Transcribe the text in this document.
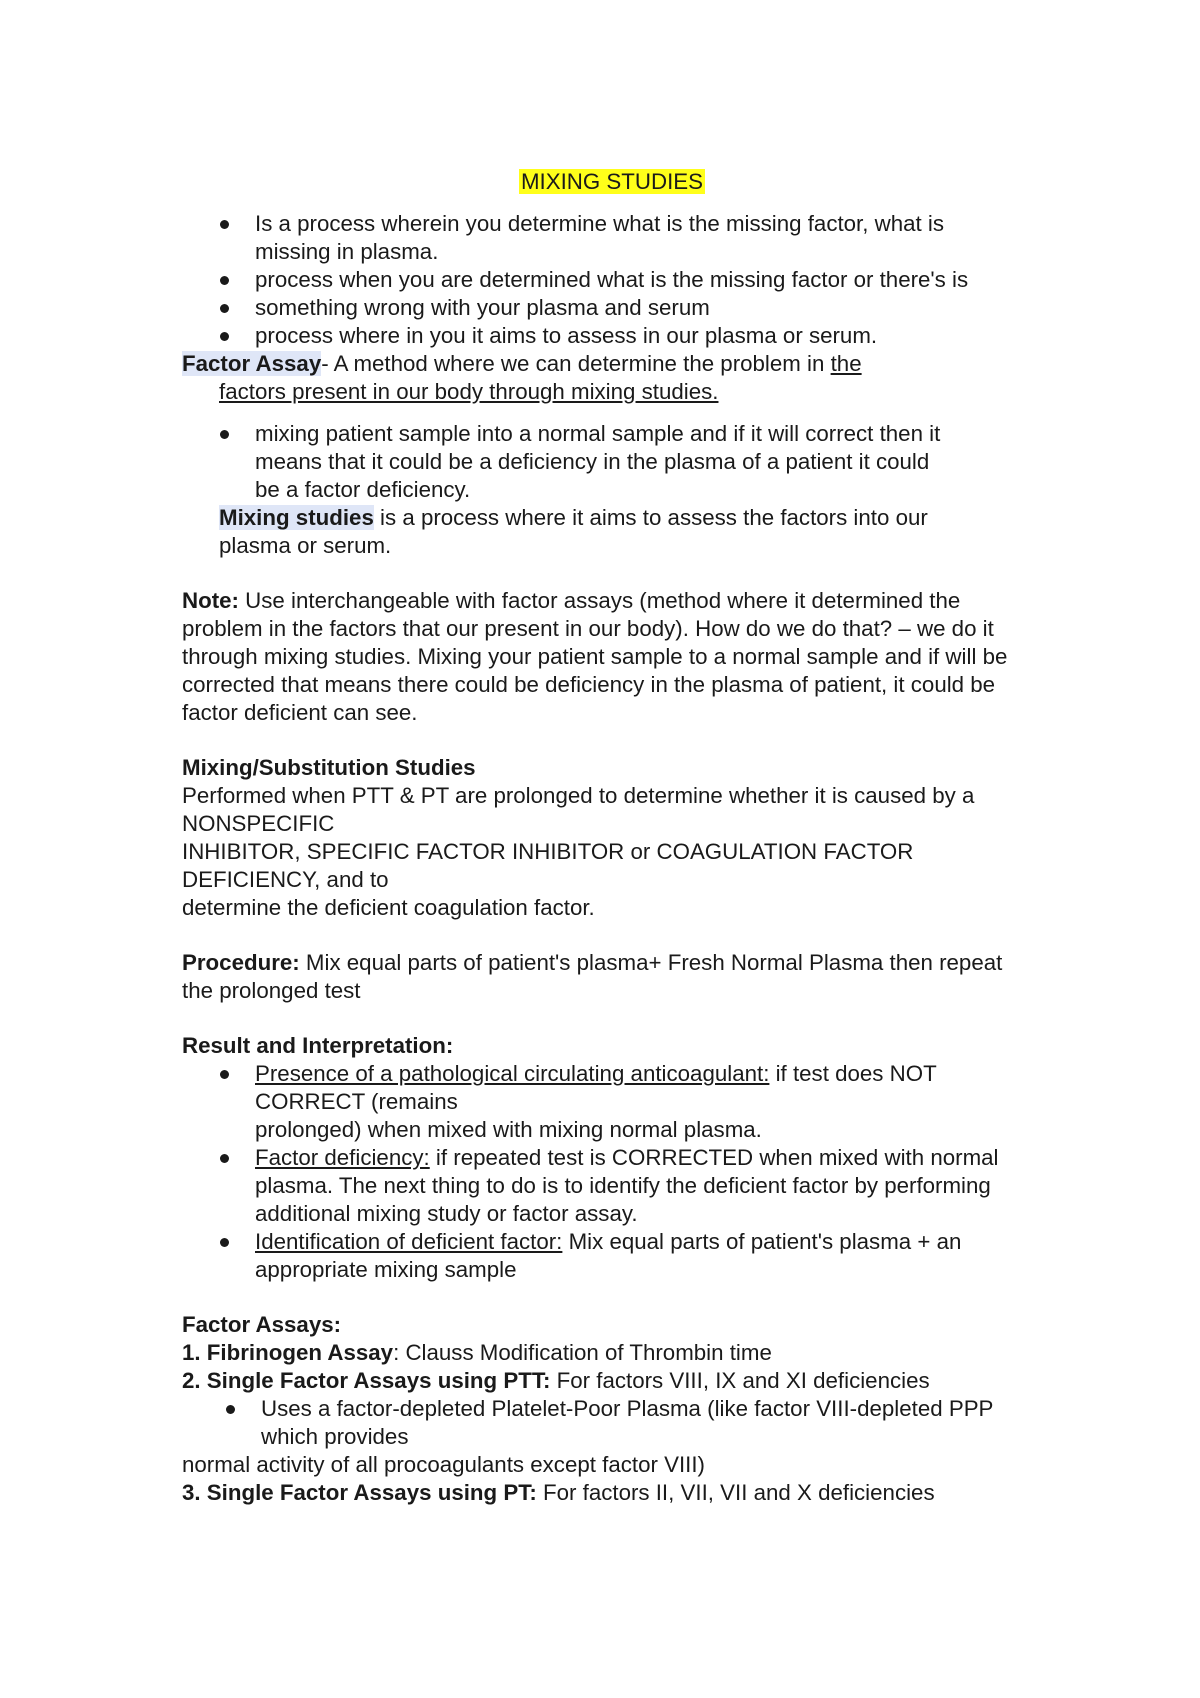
MIXING STUDIES
Is a process wherein you determine what is the missing factor, what is missing in plasma.
process when you are determined what is the missing factor or there's is
something wrong with your plasma and serum
process where in you it aims to assess in our plasma or serum.

Factor Assay- A method where we can determine the problem in the factors present in our body through mixing studies.

mixing patient sample into a normal sample and if it will correct then it means that it could be a deficiency in the plasma of a patient it could be a factor deficiency.

Mixing studies is a process where it aims to assess the factors into our plasma or serum.

Note: Use interchangeable with factor assays (method where it determined the problem in the factors that our present in our body). How do we do that? – we do it through mixing studies. Mixing your patient sample to a normal sample and if will be corrected that means there could be deficiency in the plasma of patient, it could be factor deficient can see.

Mixing/Substitution Studies

Performed when PTT & PT are prolonged to determine whether it is caused by a NONSPECIFIC

INHIBITOR, SPECIFIC FACTOR INHIBITOR or COAGULATION FACTOR DEFICIENCY, and to

determine the deficient coagulation factor.

Procedure: Mix equal parts of patient's plasma+ Fresh Normal Plasma then repeat the prolonged test

Result and Interpretation:

Presence of a pathological circulating anticoagulant: if test does NOT CORRECT (remains
prolonged) when mixed with mixing normal plasma.
Factor deficiency: if repeated test is CORRECTED when mixed with normal plasma. The next thing to do is to identify the deficient factor by performing additional mixing study or factor assay.
Identification of deficient factor: Mix equal parts of patient's plasma + an appropriate mixing sample

Factor Assays:

1. Fibrinogen Assay: Clauss Modification of Thrombin time

2. Single Factor Assays using PTT: For factors VIII, IX and XI deficiencies

Uses a factor-depleted Platelet-Poor Plasma (like factor VIII-depleted PPP which provides

normal activity of all procoagulants except factor VIII)

3. Single Factor Assays using PT: For factors II, VII, VII and X deficiencies
